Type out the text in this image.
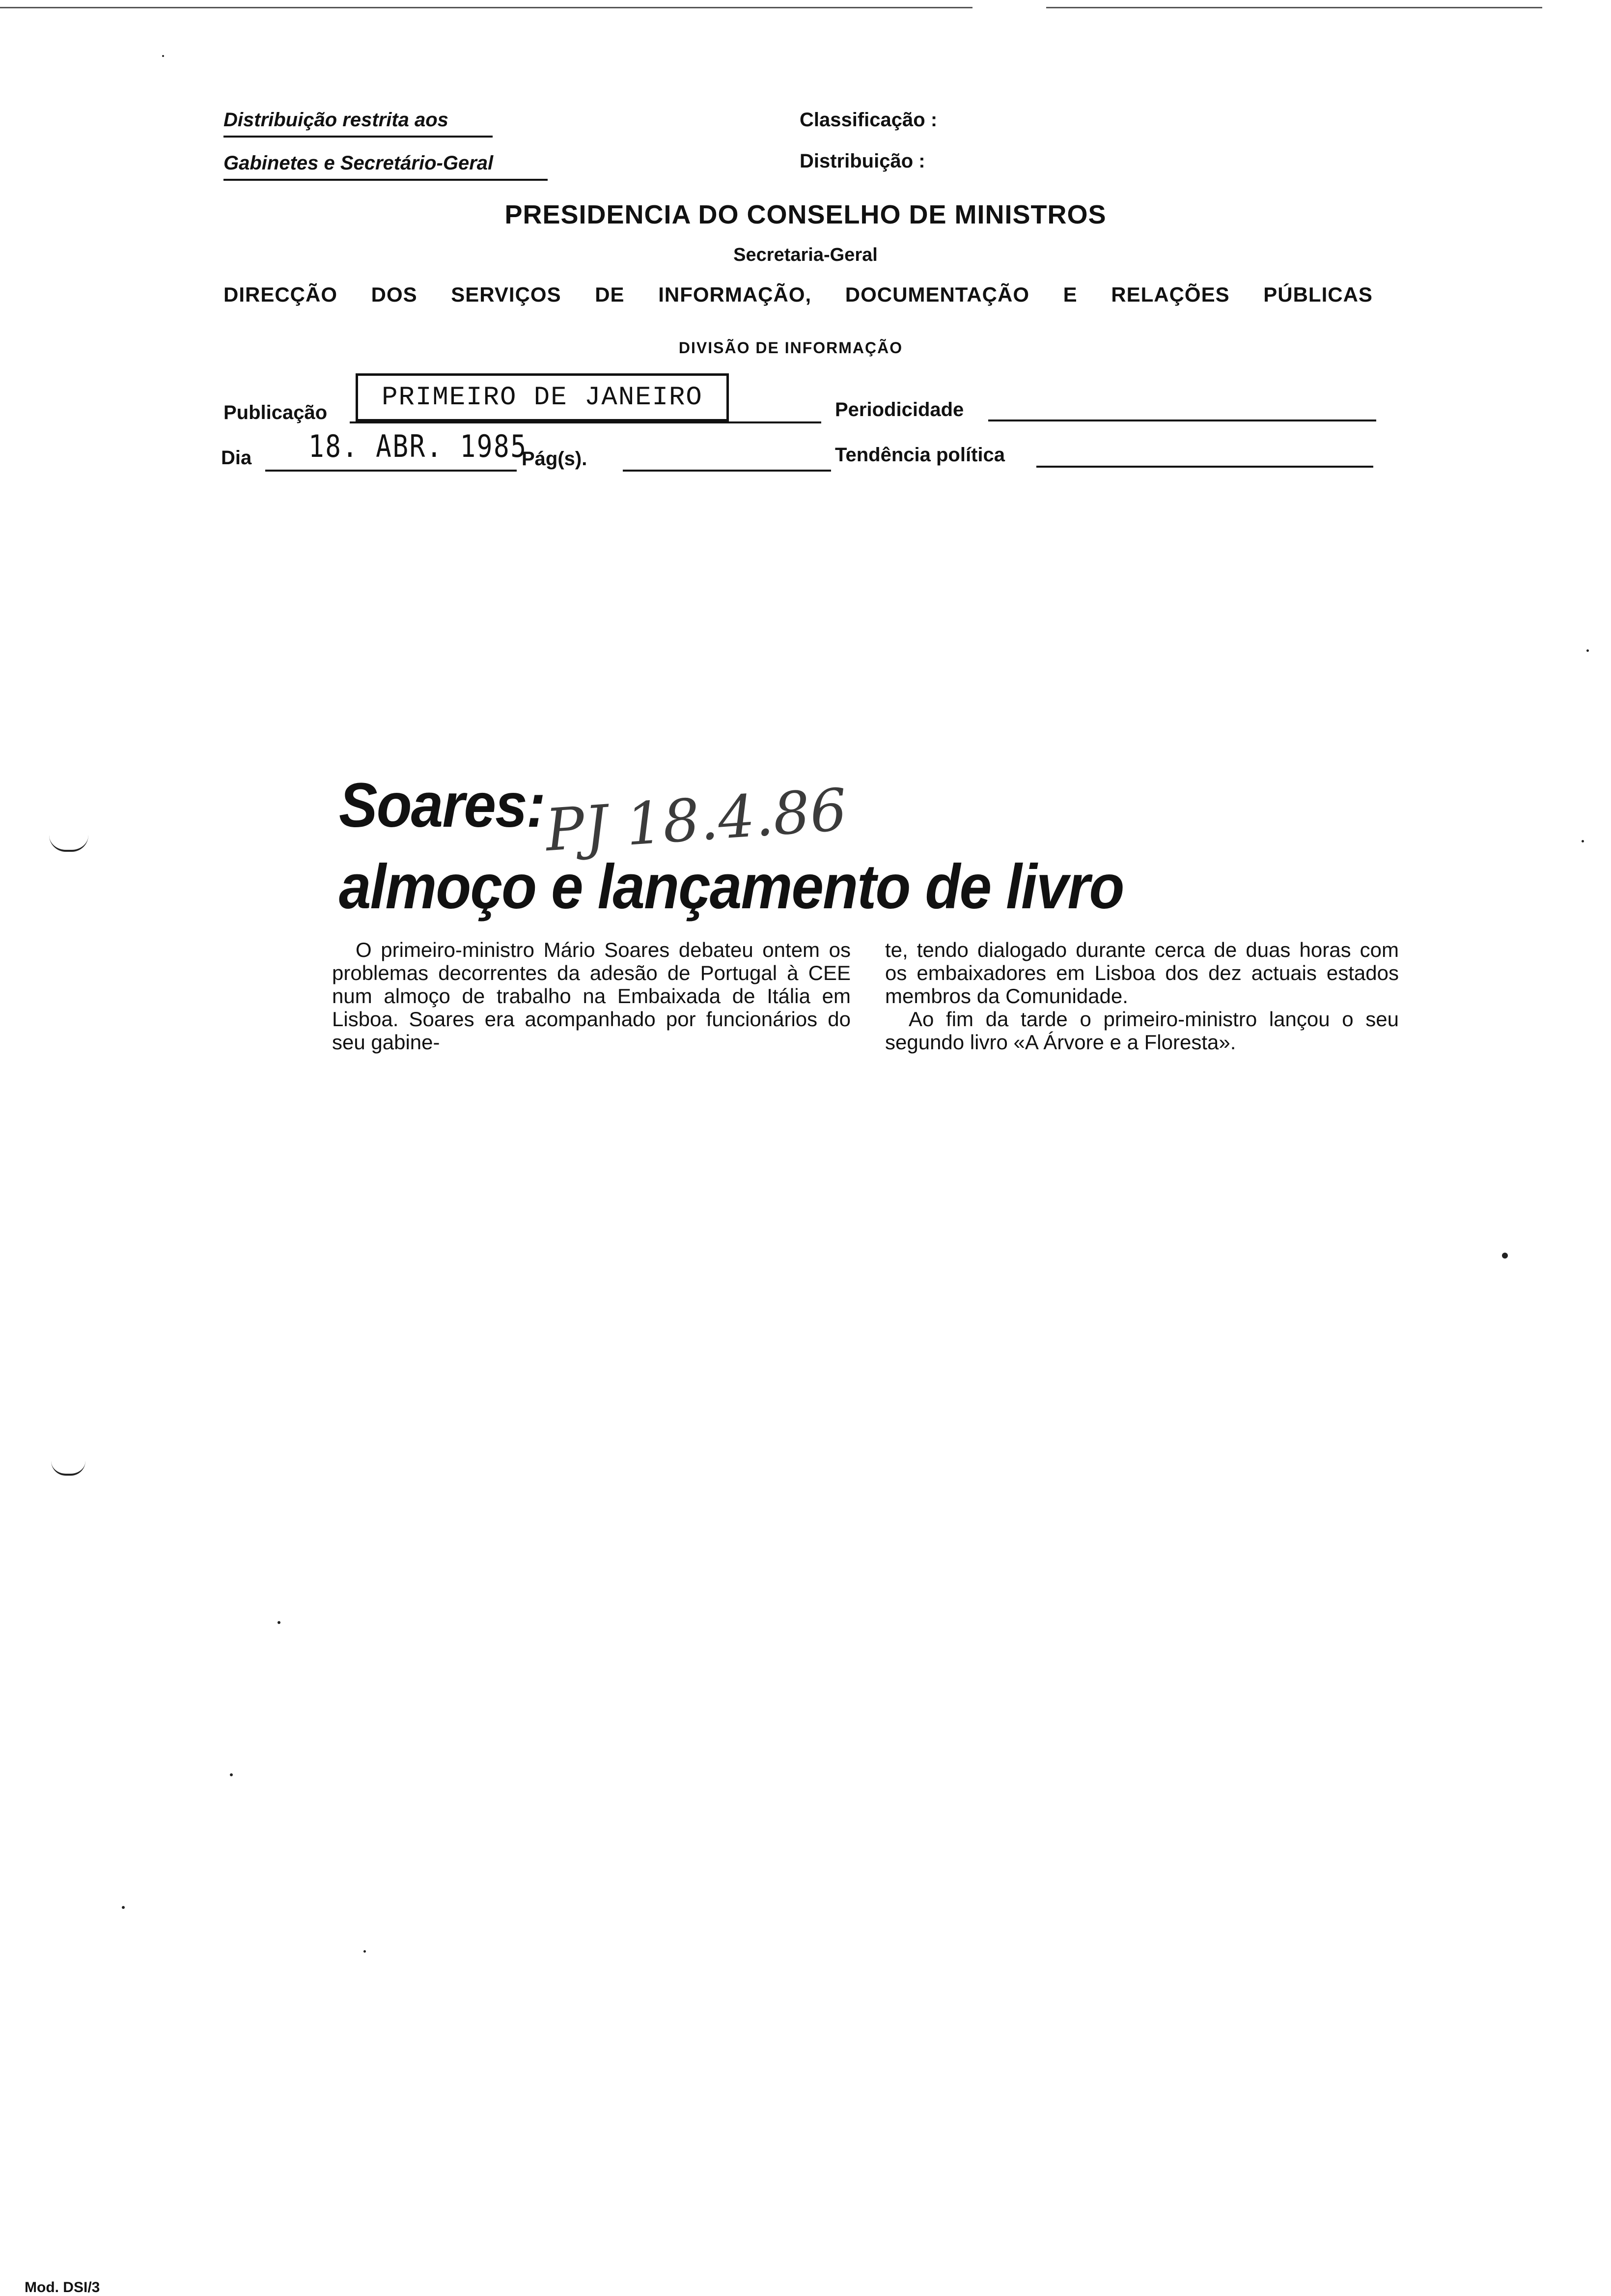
Distribuição restrita aos
Gabinetes e Secretário-Geral
Classificação :
Distribuição :
PRESIDENCIA DO CONSELHO DE MINISTROS
Secretaria-Geral
DIRECÇÃO DOS SERVIÇOS DE INFORMAÇÃO, DOCUMENTAÇÃO E RELAÇÕES PÚBLICAS
DIVISÃO DE INFORMAÇÃO
Publicação
PRIMEIRO DE JANEIRO	Periodicidade
Dia 18. ABR. 1985
Pág(s).	Tendência política
Soares:
almoço e lançamento de livro
PJ 18.4.86

O primeiro-ministro Mário Soares debateu ontem os problemas decorrentes da adesão de Portugal à CEE num almoço de trabalho na Embaixada de Itália em Lisboa. Soares era acompanhado por funcionários do seu gabine-

te, tendo dialogado durante cerca de duas horas com os embaixadores em Lisboa dos dez actuais estados membros da Comunidade.

Ao fim da tarde o primeiro-ministro lançou o seu segundo livro «A Árvore e a Floresta».

Mod. DSI/3
